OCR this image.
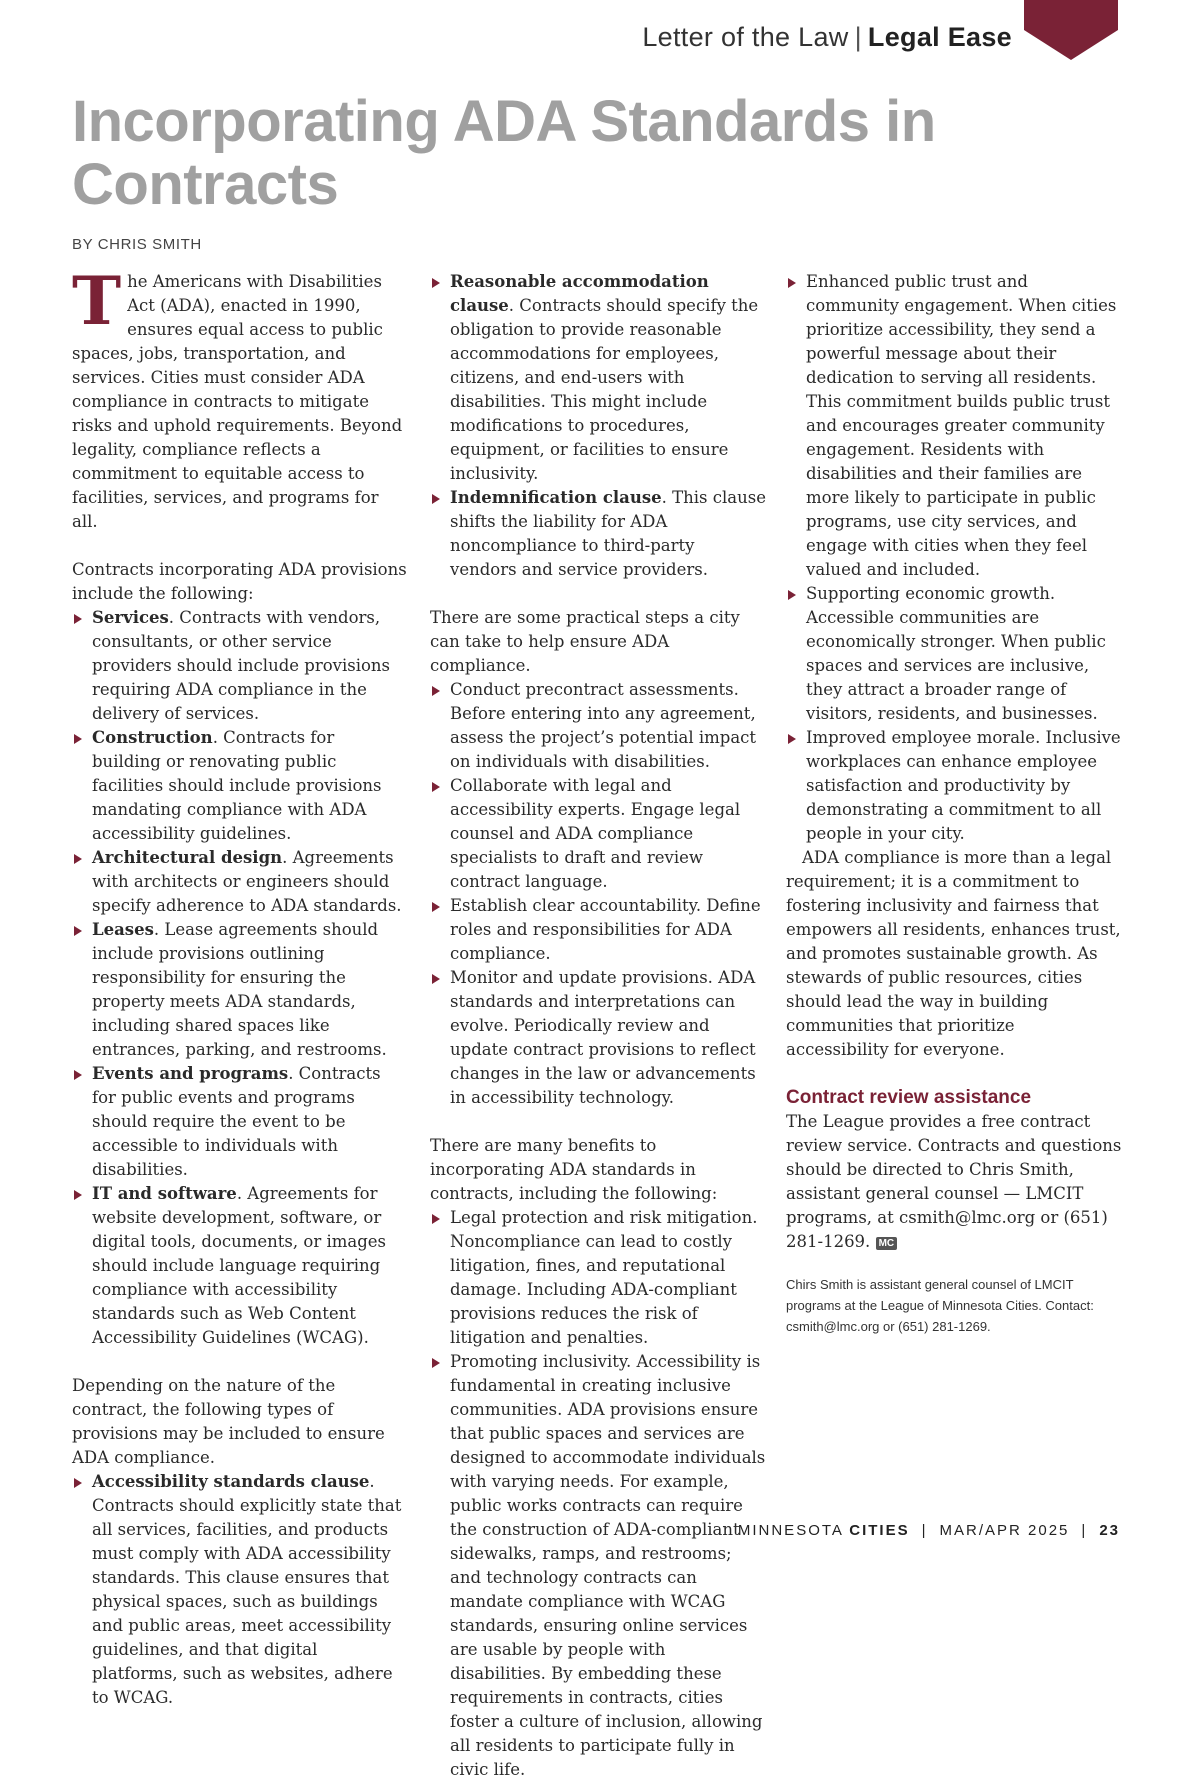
Letter of the Law | Legal Ease
Incorporating ADA Standards in Contracts
BY CHRIS SMITH

The Americans with Disabilities Act (ADA), enacted in 1990, ensures equal access to public spaces, jobs, transportation, and services. Cities must consider ADA compliance in contracts to mitigate risks and uphold requirements. Beyond legality, compliance reflects a commitment to equitable access to facilities, services, and programs for all.

Contracts incorporating ADA provisions include the following:

Services. Contracts with vendors, consultants, or other service providers should include provisions requiring ADA compliance in the delivery of services.
Construction. Contracts for building or renovating public facilities should include provisions mandating compliance with ADA accessibility guidelines.
Architectural design. Agreements with architects or engineers should specify adherence to ADA standards.
Leases. Lease agreements should include provisions outlining responsibility for ensuring the property meets ADA standards, including shared spaces like entrances, parking, and restrooms.
Events and programs. Contracts for public events and programs should require the event to be accessible to individuals with disabilities.
IT and software. Agreements for website development, software, or digital tools, documents, or images should include language requiring compliance with accessibility standards such as Web Content Accessibility Guidelines (WCAG).

Depending on the nature of the contract, the following types of provisions may be included to ensure ADA compliance.

Accessibility standards clause. Contracts should explicitly state that all services, facilities, and products must comply with ADA accessibility standards. This clause ensures that physical spaces, such as buildings and public areas, meet accessibility guidelines, and that digital platforms, such as websites, adhere to WCAG.
Reasonable accommodation clause. Contracts should specify the obligation to provide reasonable accommodations for employees, citizens, and end-users with disabilities. This might include modifications to procedures, equipment, or facilities to ensure inclusivity.
Indemnification clause. This clause shifts the liability for ADA noncompliance to third-party vendors and service providers.

There are some practical steps a city can take to help ensure ADA compliance.

Conduct precontract assessments. Before entering into any agreement, assess the project’s potential impact on individuals with disabilities.
Collaborate with legal and accessibility experts. Engage legal counsel and ADA compliance specialists to draft and review contract language.
Establish clear accountability. Define roles and responsibilities for ADA compliance.
Monitor and update provisions. ADA standards and interpretations can evolve. Periodically review and update contract provisions to reflect changes in the law or advancements in accessibility technology.

There are many benefits to incorporating ADA standards in contracts, including the following:

Legal protection and risk mitigation. Noncompliance can lead to costly litigation, fines, and reputational damage. Including ADA-compliant provisions reduces the risk of litigation and penalties.
Promoting inclusivity. Accessibility is fundamental in creating inclusive communities. ADA provisions ensure that public spaces and services are designed to accommodate individuals with varying needs. For example, public works contracts can require the construction of ADA-compliant sidewalks, ramps, and restrooms; and technology contracts can mandate compliance with WCAG standards, ensuring online services are usable by people with disabilities. By embedding these requirements in contracts, cities foster a culture of inclusion, allowing all residents to participate fully in civic life.
Enhanced public trust and community engagement. When cities prioritize accessibility, they send a powerful message about their dedication to serving all residents. This commitment builds public trust and encourages greater community engagement. Residents with disabilities and their families are more likely to participate in public programs, use city services, and engage with cities when they feel valued and included.
Supporting economic growth. Accessible communities are economically stronger. When public spaces and services are inclusive, they attract a broader range of visitors, residents, and businesses.
Improved employee morale. Inclusive workplaces can enhance employee satisfaction and productivity by demonstrating a commitment to all people in your city.

ADA compliance is more than a legal requirement; it is a commitment to fostering inclusivity and fairness that empowers all residents, enhances trust, and promotes sustainable growth. As stewards of public resources, cities should lead the way in building communities that prioritize accessibility for everyone.

Contract review assistance

The League provides a free contract review service. Contracts and questions should be directed to Chris Smith, assistant general counsel — LMCIT programs, at csmith@lmc.org or (651) 281-1269. MC

Chirs Smith is assistant general counsel of LMCIT programs at the League of Minnesota Cities. Contact: csmith@lmc.org or (651) 281-1269.

MINNESOTA CITIES | MAR/APR 2025 | 23
